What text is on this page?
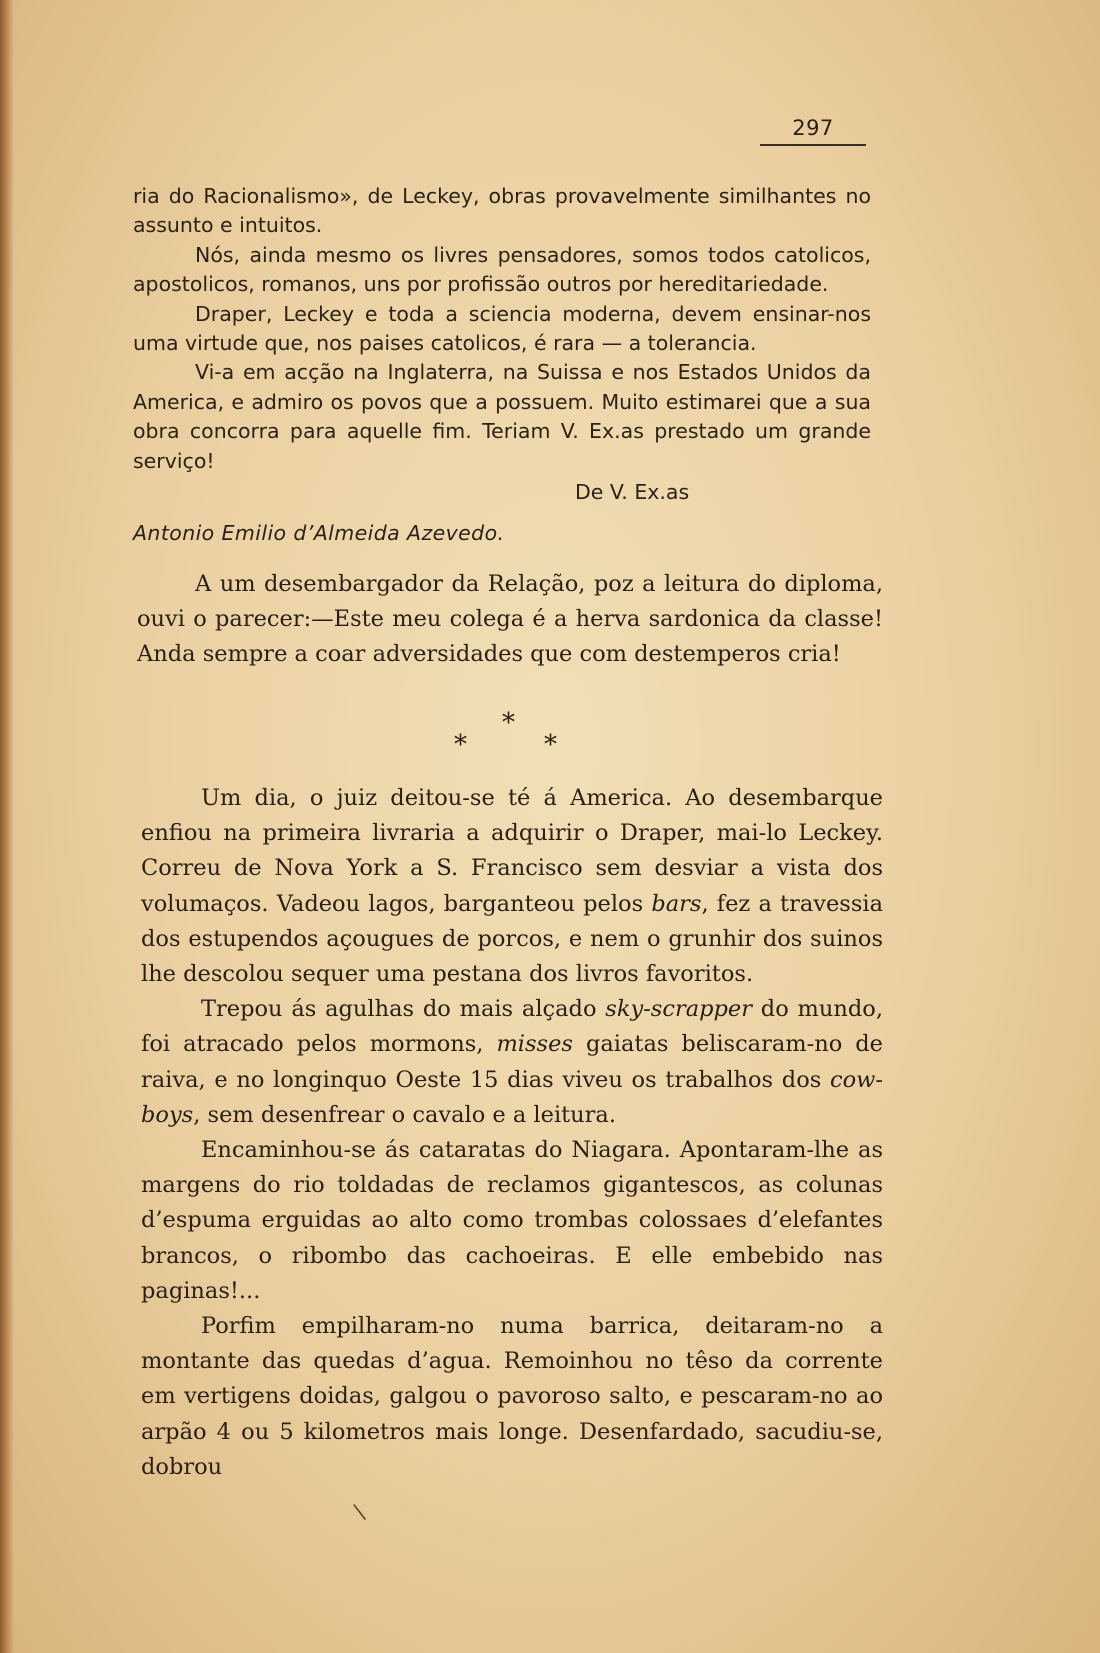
297

ria do Racionalismo», de Leckey, obras provavelmente similhantes no assunto e intuitos.

Nós, ainda mesmo os livres pensadores, somos todos catolicos, apostolicos, romanos, uns por profissão outros por hereditariedade.

Draper, Leckey e toda a sciencia moderna, devem ensinar-nos uma virtude que, nos paises catolicos, é rara — a tolerancia.

Vi-a em acção na Inglaterra, na Suissa e nos Estados Unidos da America, e admiro os povos que a possuem. Muito estimarei que a sua obra concorra para aquelle fim. Teriam V. Ex.as prestado um grande serviço!

De V. Ex.as

Antonio Emilio d’Almeida Azevedo.

A um desembargador da Relação, poz a leitura do diploma, ouvi o parecer:—Este meu colega é a herva sardonica da classe! Anda sempre a coar adversidades que com destemperos cria!

*
*	*

Um dia, o juiz deitou-se té á America. Ao desembarque enfiou na primeira livraria a adquirir o Draper, mai-lo Leckey. Correu de Nova York a S. Francisco sem desviar a vista dos volumaços. Vadeou lagos, barganteou pelos bars, fez a travessia dos estupendos açougues de porcos, e nem o grunhir dos suinos lhe descolou sequer uma pestana dos livros favoritos.

Trepou ás agulhas do mais alçado sky-scrapper do mundo, foi atracado pelos mormons, misses gaiatas beliscaram-no de raiva, e no longinquo Oeste 15 dias viveu os trabalhos dos cow-boys, sem desenfrear o cavalo e a leitura.

Encaminhou-se ás cataratas do Niagara. Apontaram-lhe as margens do rio toldadas de reclamos gigantescos, as colunas d’espuma erguidas ao alto como trombas colossaes d’elefantes brancos, o ribombo das cachoeiras. E elle embebido nas paginas!...

Porfim empilharam-no numa barrica, deitaram-no a montante das quedas d’agua. Remoinhou no têso da corrente em vertigens doidas, galgou o pavoroso salto, e pescaram-no ao arpão 4 ou 5 kilometros mais longe. Desenfardado, sacudiu-se, dobrou

\
